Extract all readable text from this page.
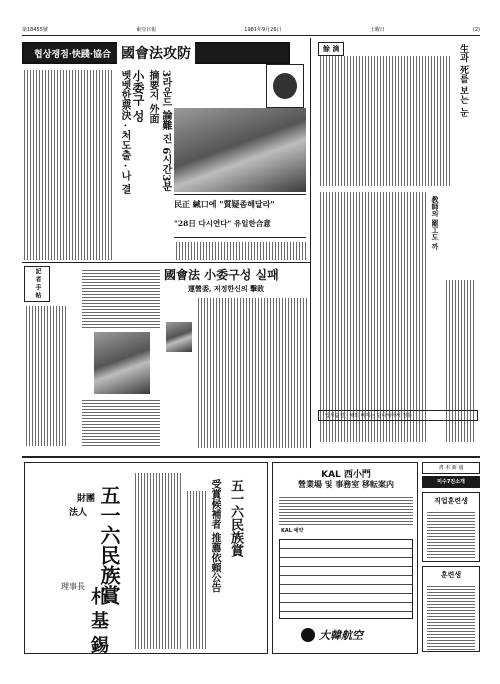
第18455號	東亞日報	1981年9月26日	土曜日	(2)
협상쟁점·快踐·協合 國會法攻防
3라운드 論難 진 6시간3분
摘要지 外面
小委구 성
벳벳한票決 · 처도출 · 나 결
民正 緘口에 "質疑좀해달라"
"28日 다시연다" 유일한合意
餘 滴	生과 死를 보는 눈
教師의 罷工도 까
記 者 手 帖	國會法 小委구성 실패
運營委, 저정한신의 擊敗
「입식숨결」해의 빠져는 담나체아서 정통
財團
法人 五一六民族賞
理事長
朴 基 錫
五一六民族賞
受賞候補者 推薦依頼公告
KAL 西小門
營業場 및 事務室 移転案内
KAL 예약
大韓航空
書 本 新 通
미수7진소개
직업훈련생
훈련생
